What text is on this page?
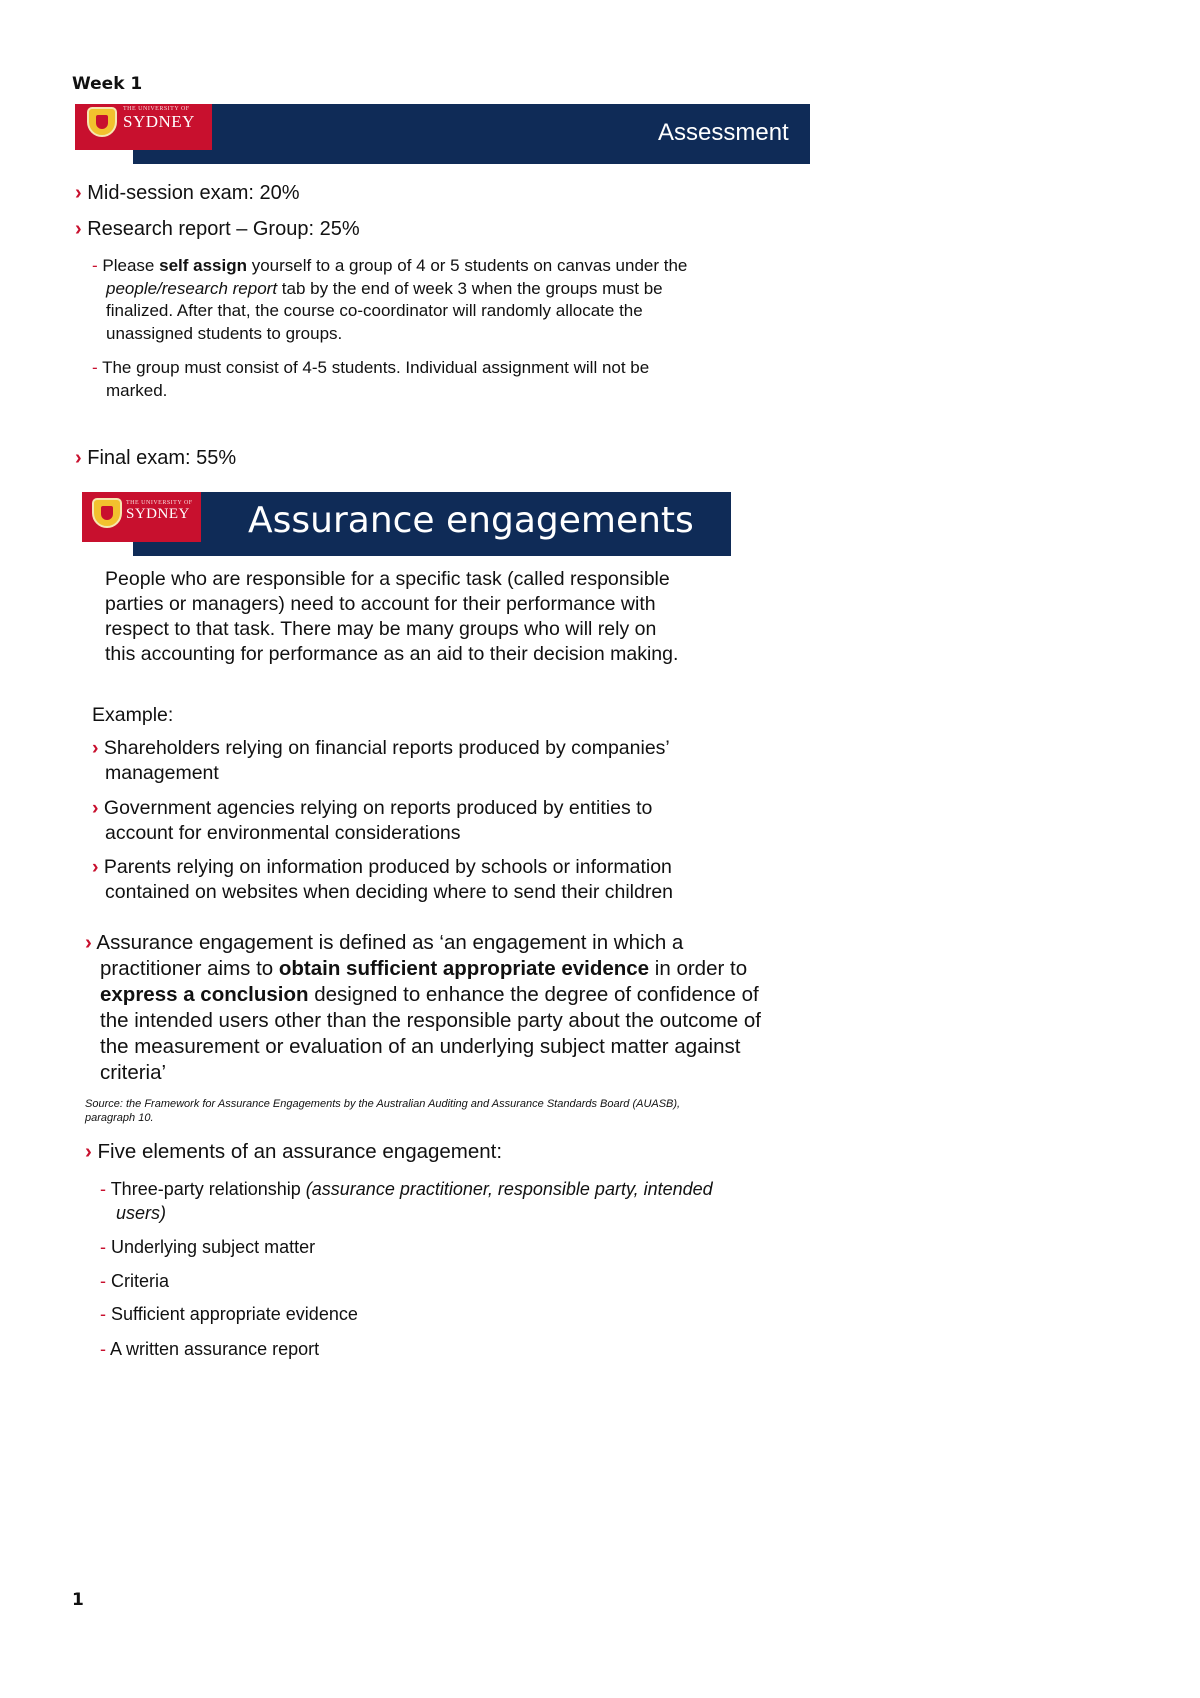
Week 1
THE UNIVERSITY OF
SYDNEY	Assessment
› Mid-session exam: 20%
› Research report – Group: 25%
- Please self assign yourself to a group of 4 or 5 students on canvas under the
people/research report tab by the end of week 3 when the groups must be
finalized. After that, the course co-coordinator will randomly allocate the
unassigned students to groups.
- The group must consist of 4-5 students. Individual assignment will not be
marked.
› Final exam: 55%
THE UNIVERSITY OF
SYDNEY Assurance engagements
People who are responsible for a specific task (called responsible
parties or managers) need to account for their performance with
respect to that task. There may be many groups who will rely on
this accounting for performance as an aid to their decision making.
Example:
› Shareholders relying on financial reports produced by companies’
management
› Government agencies relying on reports produced by entities to
account for environmental considerations
› Parents relying on information produced by schools or information
contained on websites when deciding where to send their children
› Assurance engagement is defined as ‘an engagement in which a
practitioner aims to obtain sufficient appropriate evidence in order to
express a conclusion designed to enhance the degree of confidence of
the intended users other than the responsible party about the outcome of
the measurement or evaluation of an underlying subject matter against
criteria’
Source: the Framework for Assurance Engagements by the Australian Auditing and Assurance Standards Board (AUASB),
paragraph 10.
› Five elements of an assurance engagement:
- Three-party relationship (assurance practitioner, responsible party, intended
users)
- Underlying subject matter
- Criteria
- Sufficient appropriate evidence
- A written assurance report
1
